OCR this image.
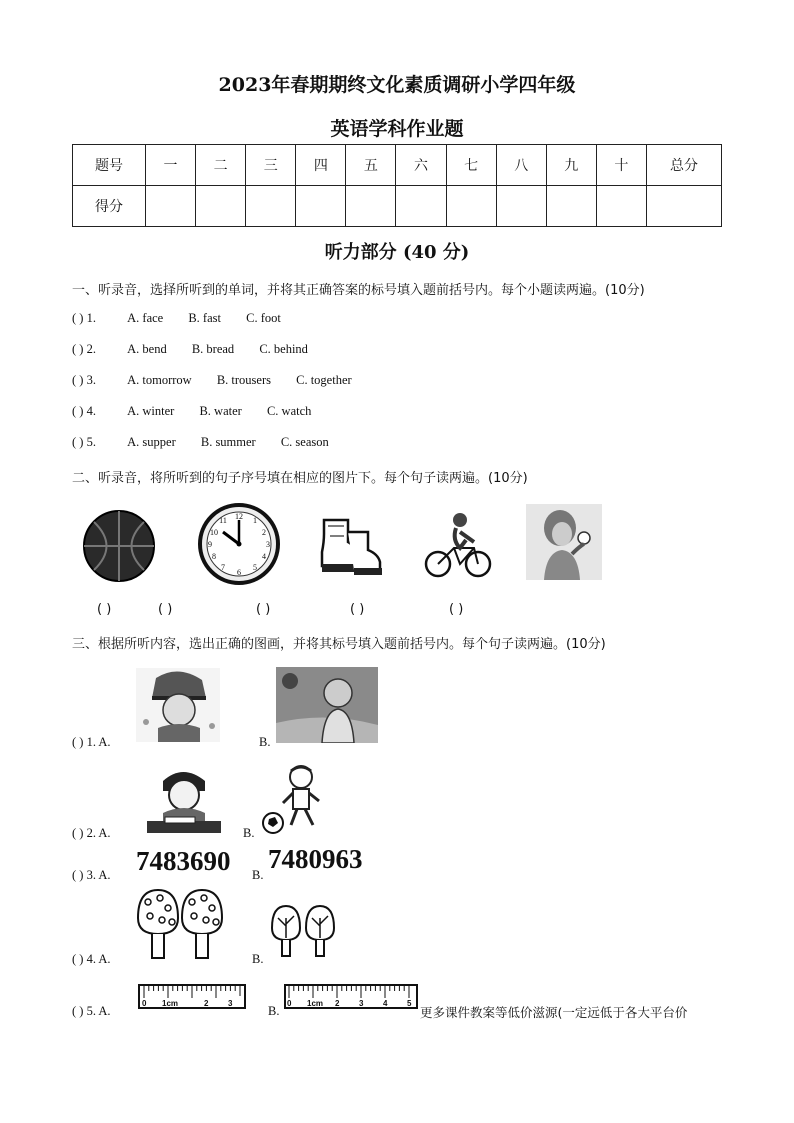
2023年春期期终文化素质调研小学四年级
英语学科作业题
题号	一	二	三	四	五	六	七	八	九	十	总分
得分											
听力部分 (40 分)
一、听录音，选择所听到的单词，并将其正确答案的标号填入题前括号内。每个小题读两遍。(10分)
( ) 1. A. face B. fast C. foot
( ) 2. A. bend B. bread C. behind
( ) 3. A. tomorrow B. trousers C. together
( ) 4. A. winter B. water C. watch
( ) 5. A. supper B. summer C. season
二、听录音，将所听到的句子序号填在相应的图片下。每个句子读两遍。(10分)
12 1
2
3
4
5
6
7
8
9
10
11
( )	( )	( )	( )	( )
三、根据所听内容，选出正确的图画，并将其标号填入题前括号内。每个句子读两遍。(10分)
( ) 1. A.	B.
( ) 2. A.	B.
( ) 3. A. 7483690 B.
7480963
( ) 4. A.	B.
( ) 5. A.
0 1cm	2 3
B.
0 1cm 2 3 4 5
更多课件教案等低价滋源(一定远低于各大平台价
